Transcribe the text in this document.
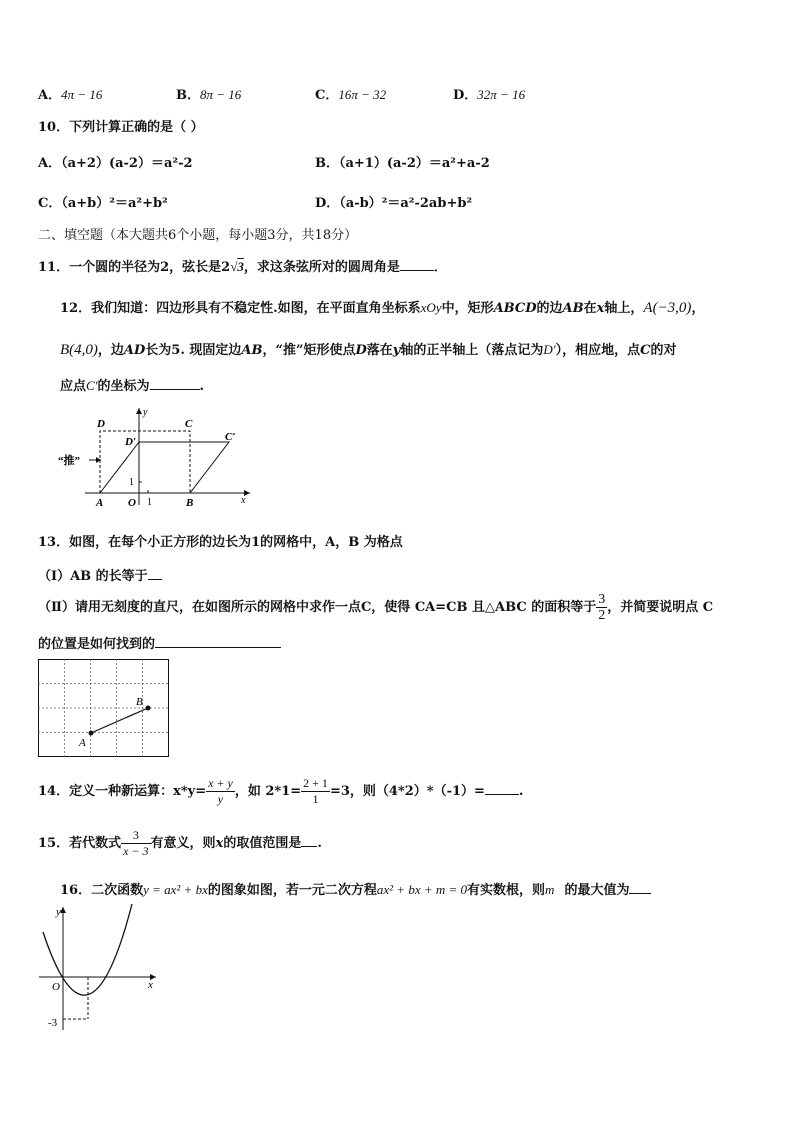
A．4π − 16	B．8π − 16	C．16π − 32	D．32π − 16
10．下列计算正确的是（ ）
A．（a+2）(a-2）＝a²-2	B．（a+1）(a-2）＝a²+a-2
C．（a+b）²＝a²+b²	D．（a-b）²＝a²-2ab+b²
二、填空题（本大题共6个小题，每小题3分，共18分）
11．一个圆的半径为2，弦长是2√3，求这条弦所对的圆周角是	．
12．我们知道：四边形具有不稳定性.如图，在平面直角坐标系xOy中，矩形ABCD的边AB在x轴上，A(−3,0)，
B(4,0)，边AD长为5. 现固定边AB，“推”矩形使点D落在y轴的正半轴上（落点记为D′），相应地，点C的对
应点C′的坐标为	.
D	C
D′	C′
“推”
A O	B
1
1
y
x
13．如图，在每个小正方形的边长为1的网格中，A，B 为格点
（Ⅰ）AB 的长等于
（Ⅱ）请用无刻度的直尺，在如图所示的网格中求作一点C，使得 CA=CB 且△ABC 的面积等于 $\frac{3}{2}$ ，并简要说明点 C
的位置是如何找到的
A
B
14．定义一种新运算：$x*y= \frac{x + y}{y}$ ，如 $2*1= \frac{2 + 1}{1} =3$，则（4*2）*（-1）=	.
15．若代数式 $\frac{3}{x - 3}$ 有意义，则x的取值范围是 .
16．二次函数y = ax² + bx的图象如图，若一元二次方程ax² + bx + m = 0有实数根，则m 的最大值为
y
x
O
-3
